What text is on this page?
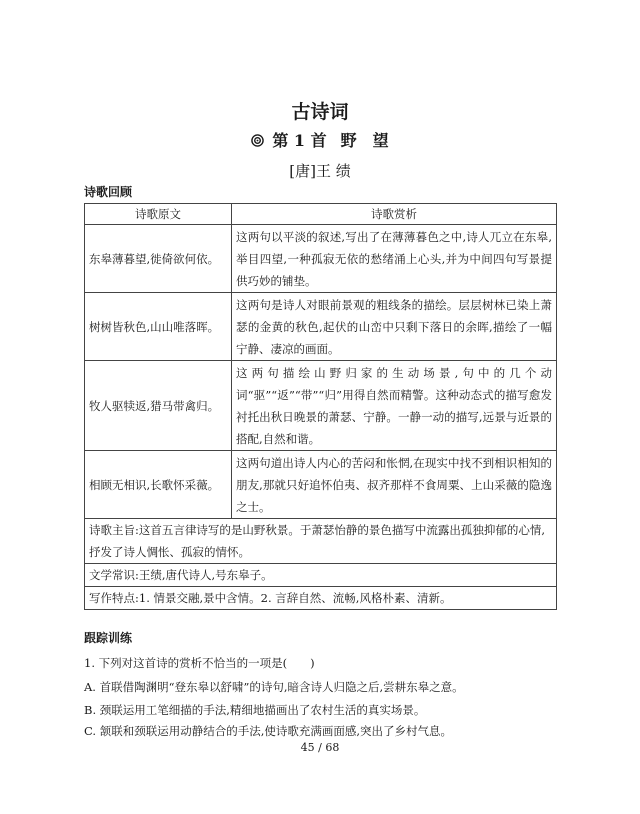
古诗词
第 1 首 野　望
[唐]王 绩
诗歌回顾
诗歌原文	诗歌赏析
东皋薄暮望,徙倚欲何依。	这两句以平淡的叙述,写出了在薄薄暮色之中,诗人兀立在东皋,举目四望,一种孤寂无依的愁绪涌上心头,并为中间四句写景提供巧妙的铺垫。
树树皆秋色,山山唯落晖。	这两句是诗人对眼前景观的粗线条的描绘。层层树林已染上萧瑟的金黄的秋色,起伏的山峦中只剩下落日的余晖,描绘了一幅宁静、凄凉的画面。
牧人驱犊返,猎马带禽归。	这两句描绘山野归家的生动场景,句中的几个动词“驱”“返”“带”“归”用得自然而精警。这种动态式的描写愈发衬托出秋日晚景的萧瑟、宁静。一静一动的描写,远景与近景的搭配,自然和谐。
相顾无相识,长歌怀采薇。	这两句道出诗人内心的苦闷和怅惘,在现实中找不到相识相知的朋友,那就只好追怀伯夷、叔齐那样不食周粟、上山采薇的隐逸之士。
诗歌主旨:这首五言律诗写的是山野秋景。于萧瑟怡静的景色描写中流露出孤独抑郁的心情,抒发了诗人惆怅、孤寂的情怀。	
文学常识:王绩,唐代诗人,号东皋子。	
写作特点:1. 情景交融,景中含情。2. 言辞自然、流畅,风格朴素、清新。	
跟踪训练
1. 下列对这首诗的赏析不恰当的一项是(　　)
A. 首联借陶渊明“登东皋以舒啸”的诗句,暗含诗人归隐之后,尝耕东皋之意。
B. 颈联运用工笔细描的手法,精细地描画出了农村生活的真实场景。
C. 颔联和颈联运用动静结合的手法,使诗歌充满画面感,突出了乡村气息。
45 / 68
